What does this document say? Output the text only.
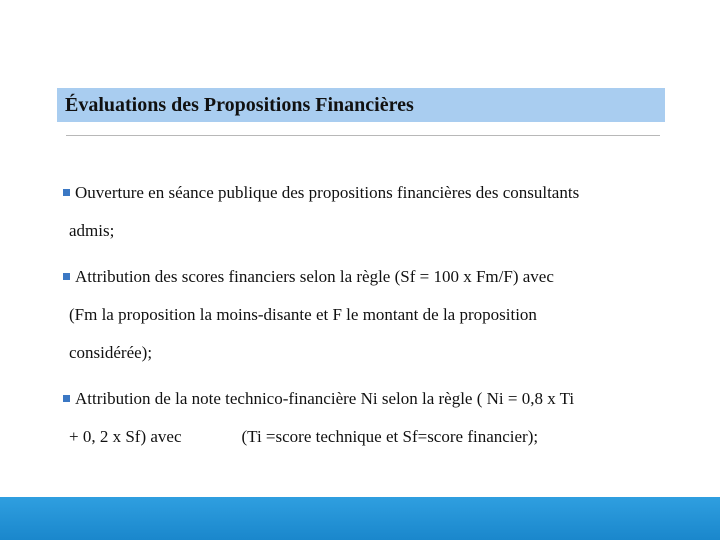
Évaluations des Propositions Financières
Ouverture en séance publique des propositions financières des consultants
admis;
Attribution des scores financiers selon la règle (Sf = 100 x Fm/F) avec
(Fm la proposition la moins-disante et F le montant de la proposition
considérée);
Attribution de la note technico-financière Ni selon la règle ( Ni = 0,8 x Ti
+ 0, 2 x Sf) avec	(Ti =score technique et Sf=score financier);
